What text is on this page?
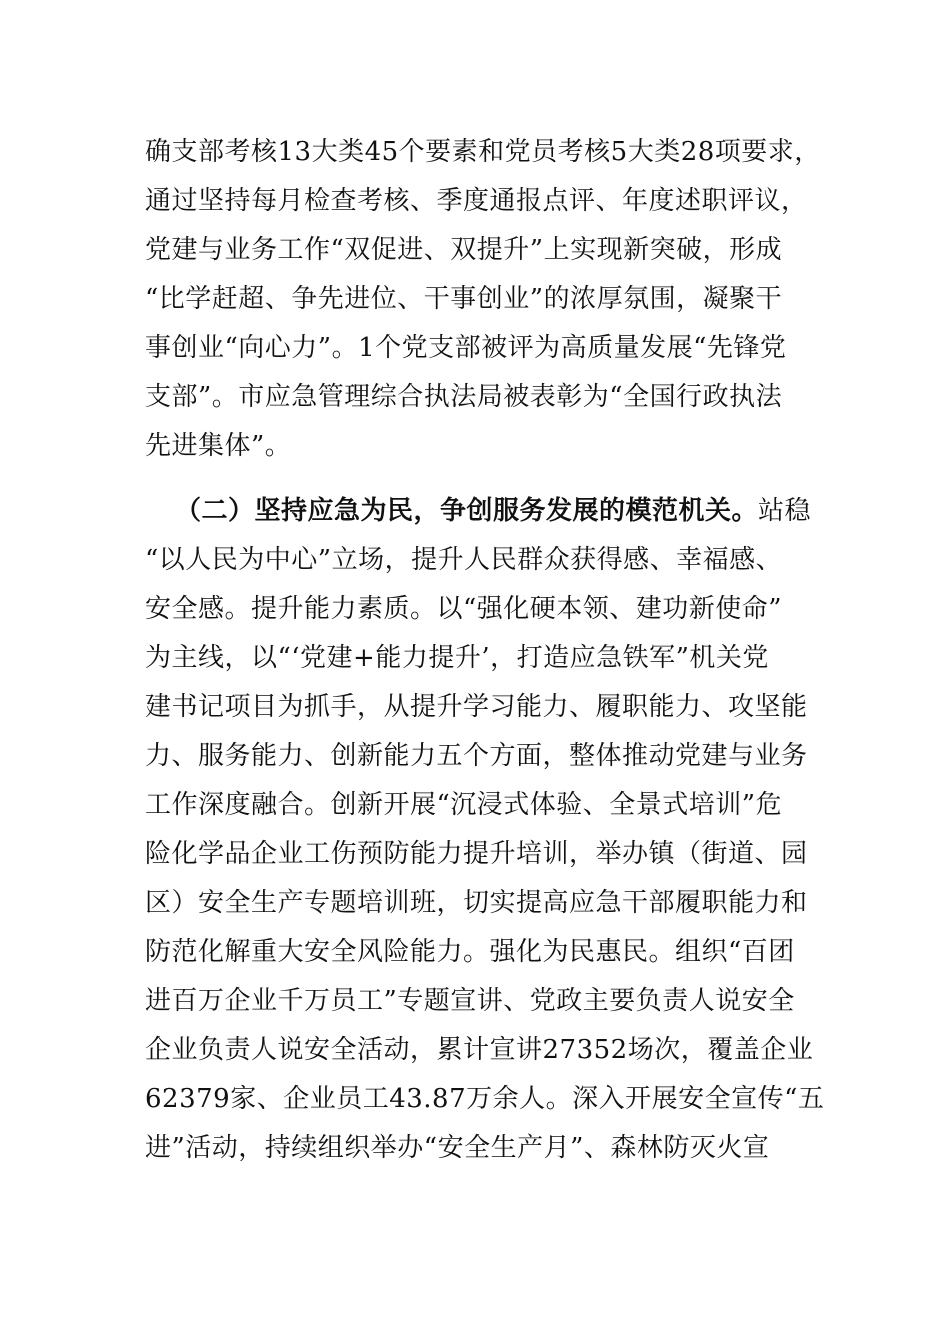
确支部考核13大类45个要素和党员考核5大类28项要求，
通过坚持每月检查考核、季度通报点评、年度述职评议，
党建与业务工作“双促进、双提升”上实现新突破，形成
“比学赶超、争先进位、干事创业”的浓厚氛围，凝聚干
事创业“向心力”。1个党支部被评为高质量发展“先锋党
支部”。市应急管理综合执法局被表彰为“全国行政执法
先进集体”。
（二）坚持应急为民，争创服务发展的模范机关。站稳
“以人民为中心”立场，提升人民群众获得感、幸福感、
安全感。提升能力素质。以“强化硬本领、建功新使命”
为主线，以“‘党建+能力提升’，打造应急铁军”机关党
建书记项目为抓手，从提升学习能力、履职能力、攻坚能
力、服务能力、创新能力五个方面，整体推动党建与业务
工作深度融合。创新开展“沉浸式体验、全景式培训”危
险化学品企业工伤预防能力提升培训，举办镇（街道、园
区）安全生产专题培训班，切实提高应急干部履职能力和
防范化解重大安全风险能力。强化为民惠民。组织“百团
进百万企业千万员工”专题宣讲、党政主要负责人说安全
企业负责人说安全活动，累计宣讲27352场次，覆盖企业
62379家、企业员工43.87万余人。深入开展安全宣传“五
进”活动，持续组织举办“安全生产月”、森林防灭火宣
